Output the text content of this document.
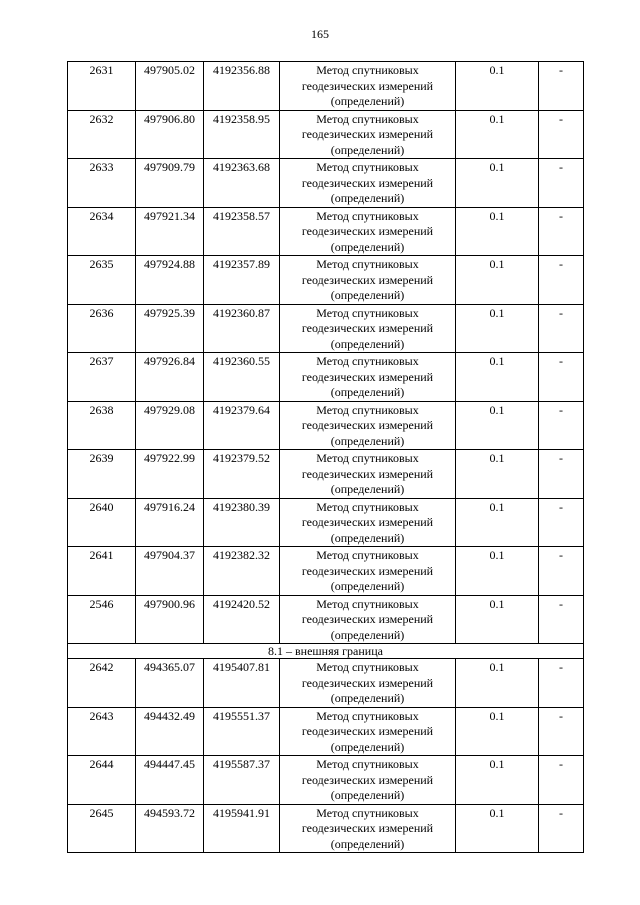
165
2631	497905.02	4192356.88	Метод спутниковых геодезических измерений (определений)	0.1	-
2632	497906.80	4192358.95	Метод спутниковых геодезических измерений (определений)	0.1	-
2633	497909.79	4192363.68	Метод спутниковых геодезических измерений (определений)	0.1	-
2634	497921.34	4192358.57	Метод спутниковых геодезических измерений (определений)	0.1	-
2635	497924.88	4192357.89	Метод спутниковых геодезических измерений (определений)	0.1	-
2636	497925.39	4192360.87	Метод спутниковых геодезических измерений (определений)	0.1	-
2637	497926.84	4192360.55	Метод спутниковых геодезических измерений (определений)	0.1	-
2638	497929.08	4192379.64	Метод спутниковых геодезических измерений (определений)	0.1	-
2639	497922.99	4192379.52	Метод спутниковых геодезических измерений (определений)	0.1	-
2640	497916.24	4192380.39	Метод спутниковых геодезических измерений (определений)	0.1	-
2641	497904.37	4192382.32	Метод спутниковых геодезических измерений (определений)	0.1	-
2546	497900.96	4192420.52	Метод спутниковых геодезических измерений (определений)	0.1	-
8.1 – внешняя граница					
2642	494365.07	4195407.81	Метод спутниковых геодезических измерений (определений)	0.1	-
2643	494432.49	4195551.37	Метод спутниковых геодезических измерений (определений)	0.1	-
2644	494447.45	4195587.37	Метод спутниковых геодезических измерений (определений)	0.1	-
2645	494593.72	4195941.91	Метод спутниковых геодезических измерений (определений)	0.1	-
